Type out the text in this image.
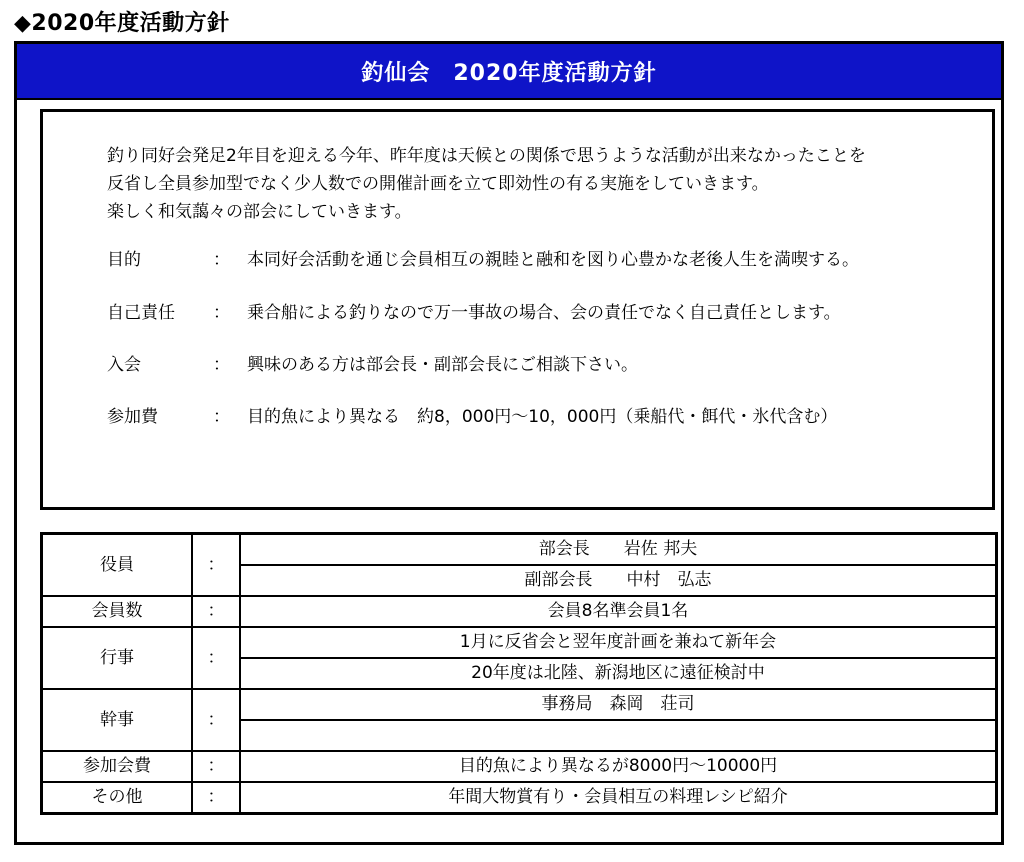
◆2020年度活動方針
釣仙会　2020年度活動方針
釣り同好会発足2年目を迎える今年、昨年度は天候との関係で思うような活動が出来なかったことを
反省し全員参加型でなく少人数での開催計画を立て即効性の有る実施をしていきます。
楽しく和気藹々の部会にしていきます。
目的	： 本同好会活動を通じ会員相互の親睦と融和を図り心豊かな老後人生を満喫する。
自己責任 ： 乗合船による釣りなので万一事故の場合、会の責任でなく自己責任とします。
入会	： 興味のある方は部会長・副部会長にご相談下さい。
参加費	： 目的魚により異なる　約8，000円～10，000円（乗船代・餌代・氷代含む）
役員	：	部会長　　岩佐 邦夫
		副部会長　　中村　弘志
会員数	：	会員8名準会員1名
行事	：	1月に反省会と翌年度計画を兼ねて新年会
		20年度は北陸、新潟地区に遠征検討中
幹事	：	事務局　森岡　荘司

参加会費	：	目的魚により異なるが8000円～10000円
その他	：	年間大物賞有り・会員相互の料理レシピ紹介
